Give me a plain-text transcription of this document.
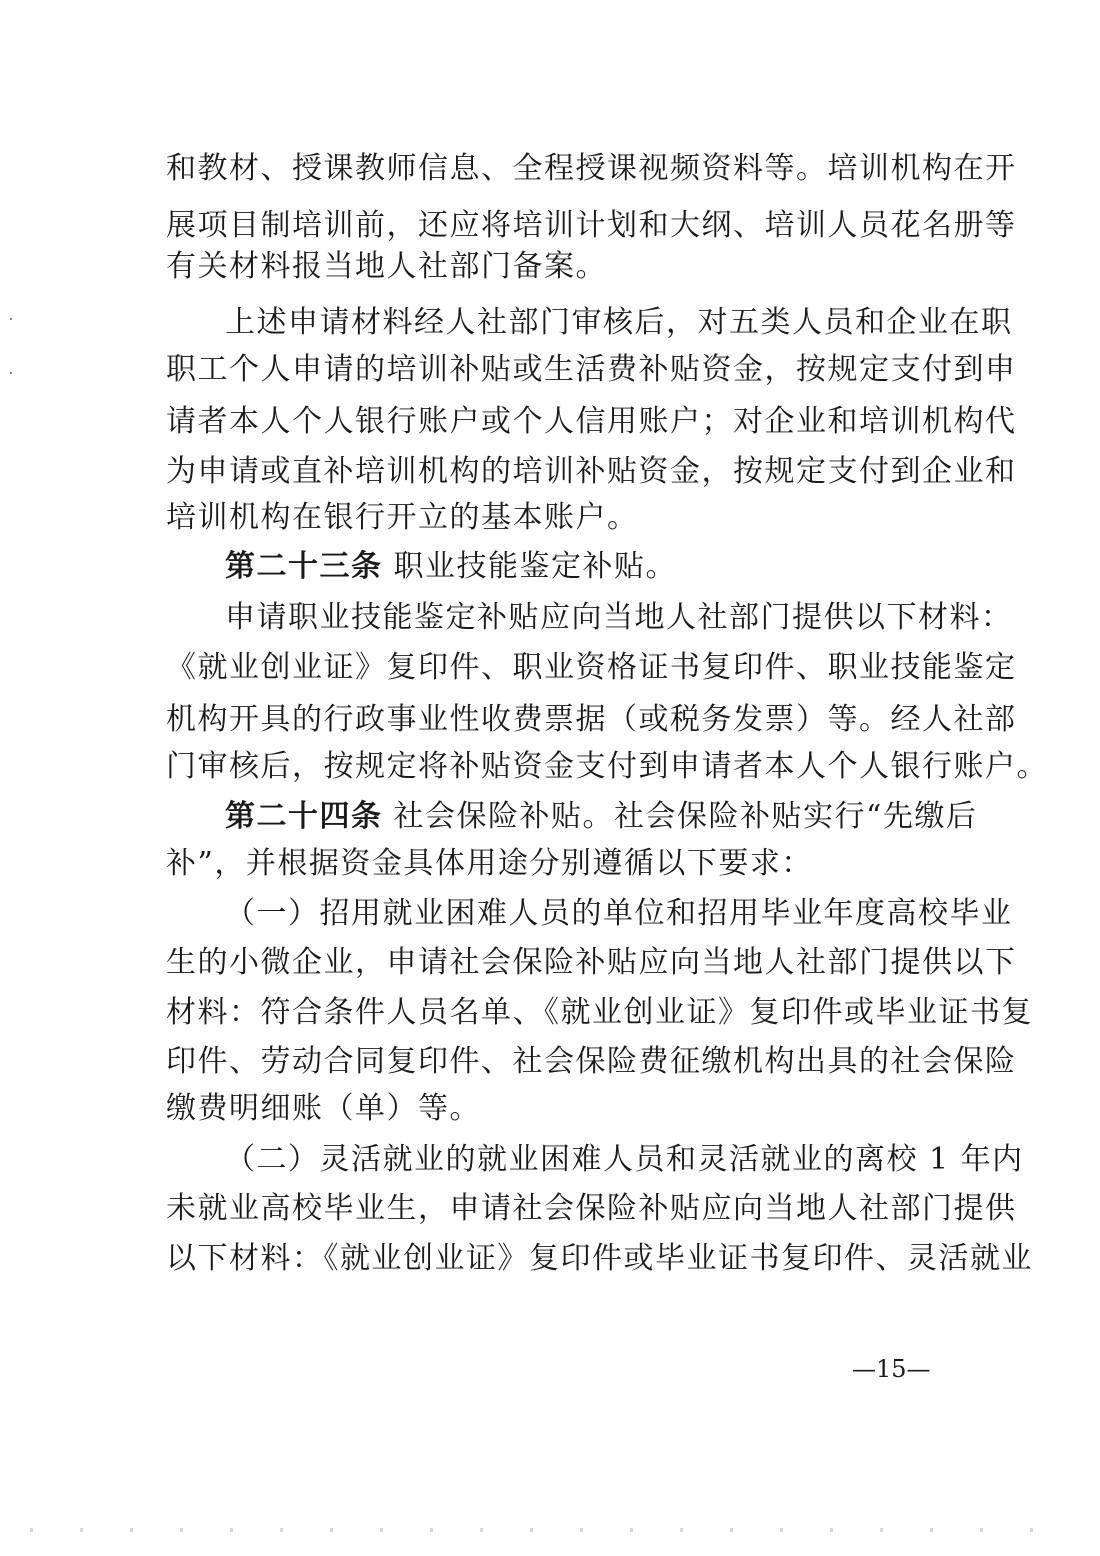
和教材、授课教师信息、全程授课视频资料等。培训机构在开
展项目制培训前，还应将培训计划和大纲、培训人员花名册等
有关材料报当地人社部门备案。
上述申请材料经人社部门审核后，对五类人员和企业在职
职工个人申请的培训补贴或生活费补贴资金，按规定支付到申
请者本人个人银行账户或个人信用账户；对企业和培训机构代
为申请或直补培训机构的培训补贴资金，按规定支付到企业和
培训机构在银行开立的基本账户。
第二十三条 职业技能鉴定补贴。
申请职业技能鉴定补贴应向当地人社部门提供以下材料：
《就业创业证》复印件、职业资格证书复印件、职业技能鉴定
机构开具的行政事业性收费票据（或税务发票）等。经人社部
门审核后，按规定将补贴资金支付到申请者本人个人银行账户。
第二十四条 社会保险补贴。社会保险补贴实行“先缴后
补”，并根据资金具体用途分别遵循以下要求：
（一）招用就业困难人员的单位和招用毕业年度高校毕业
生的小微企业，申请社会保险补贴应向当地人社部门提供以下
材料：符合条件人员名单、《就业创业证》复印件或毕业证书复
印件、劳动合同复印件、社会保险费征缴机构出具的社会保险
缴费明细账（单）等。
（二）灵活就业的就业困难人员和灵活就业的离校 1 年内
未就业高校毕业生，申请社会保险补贴应向当地人社部门提供
以下材料：《就业创业证》复印件或毕业证书复印件、灵活就业
—15—
